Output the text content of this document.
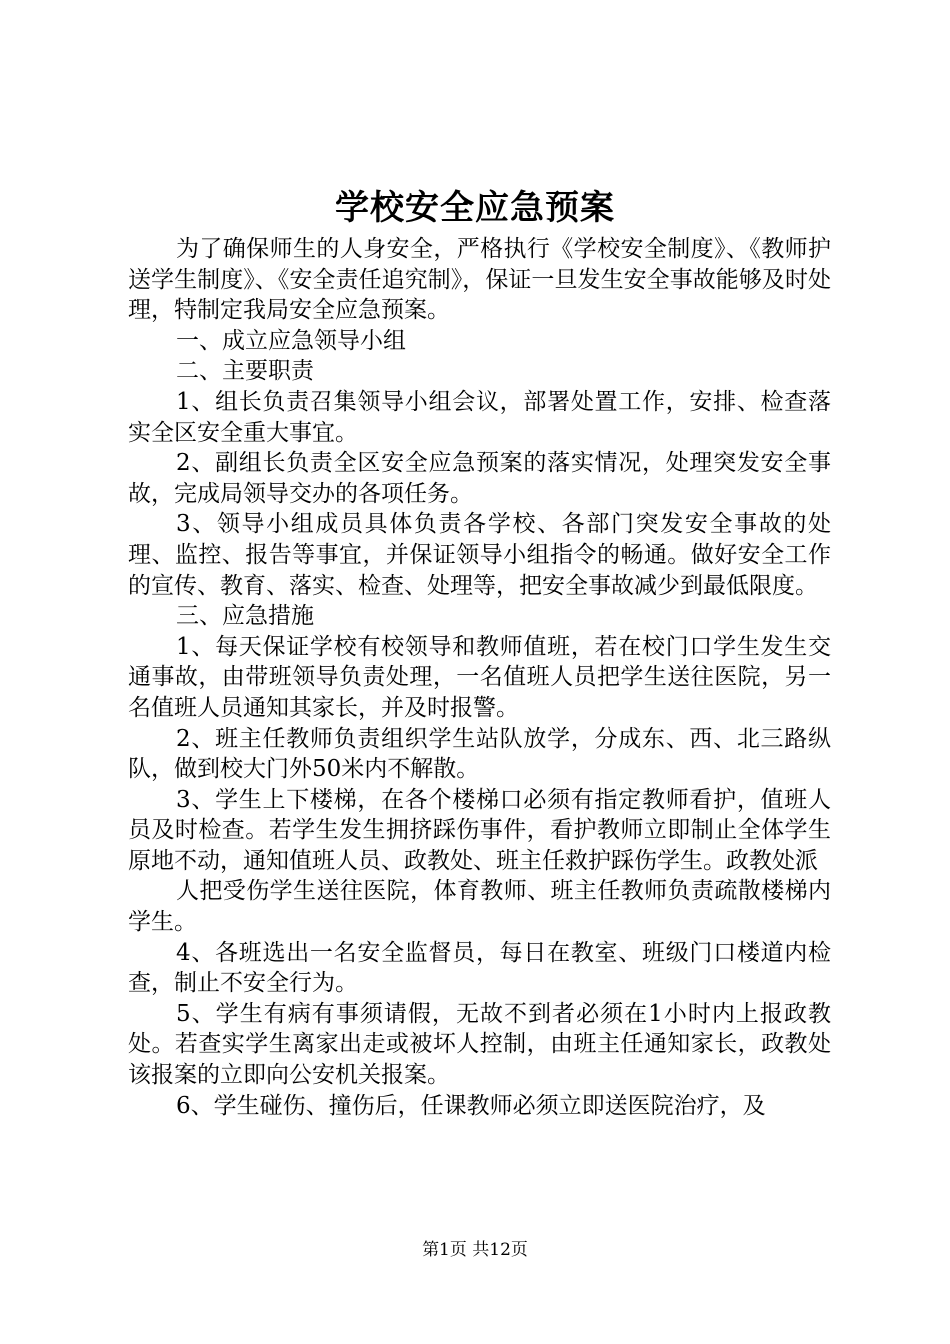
学校安全应急预案

为了确保师生的人身安全，严格执行《学校安全制度》、《教师护送学生制度》、《安全责任追究制》，保证一旦发生安全事故能够及时处理，特制定我局安全应急预案。

一、成立应急领导小组

二、主要职责

1、组长负责召集领导小组会议，部署处置工作，安排、检查落实全区安全重大事宜。

2、副组长负责全区安全应急预案的落实情况，处理突发安全事故，完成局领导交办的各项任务。

3、领导小组成员具体负责各学校、各部门突发安全事故的处理、监控、报告等事宜，并保证领导小组指令的畅通。做好安全工作的宣传、教育、落实、检查、处理等，把安全事故减少到最低限度。

三、应急措施

1、每天保证学校有校领导和教师值班，若在校门口学生发生交通事故，由带班领导负责处理，一名值班人员把学生送往医院，另一名值班人员通知其家长，并及时报警。

2、班主任教师负责组织学生站队放学，分成东、西、北三路纵队，做到校大门外50米内不解散。

3、学生上下楼梯，在各个楼梯口必须有指定教师看护，值班人员及时检查。若学生发生拥挤踩伤事件，看护教师立即制止全体学生原地不动，通知值班人员、政教处、班主任救护踩伤学生。政教处派

人把受伤学生送往医院，体育教师、班主任教师负责疏散楼梯内学生。

4、各班选出一名安全监督员，每日在教室、班级门口楼道内检查，制止不安全行为。

5、学生有病有事须请假，无故不到者必须在1小时内上报政教处。若查实学生离家出走或被坏人控制，由班主任通知家长，政教处该报案的立即向公安机关报案。

6、学生碰伤、撞伤后，任课教师必须立即送医院治疗，及

第1页 共12页
